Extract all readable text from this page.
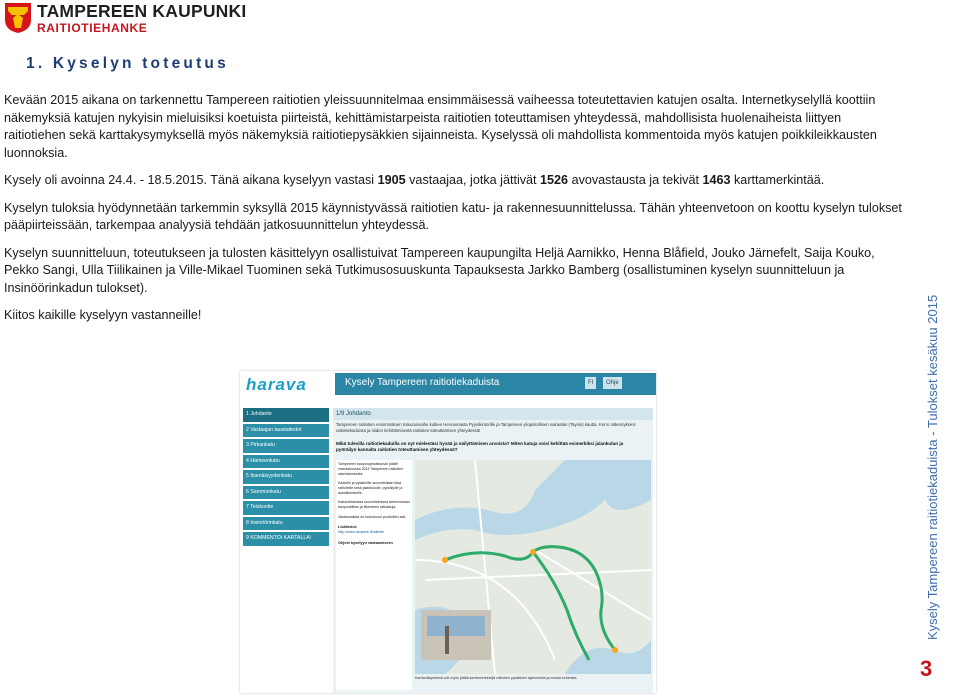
TAMPEREEN KAUPUNKI
RAITIOTIEHANKE
1. Kyselyn toteutus

Kevään 2015 aikana on tarkennettu Tampereen raitiotien yleissuunnitelmaa ensimmäisessä vaiheessa toteutettavien katujen osalta. Internetkyselyllä koottiin näkemyksiä katujen nykyisin mieluisiksi koetuista piirteistä, kehittämistarpeista raitiotien toteuttamisen yhteydessä, mahdollisista huolenaiheista liittyen raitiotiehen sekä karttakysymyksellä myös näkemyksiä raitiotiepysäkkien sijainneista. Kyselyssä oli mahdollista kommentoida myös katujen poikkileikkausten luonnoksia.

Kysely oli avoinna 24.4. - 18.5.2015. Tänä aikana kyselyyn vastasi 1905 vastaajaa, jotka jättivät 1526 avovastausta ja tekivät 1463 karttamerkintää.

Kyselyn tuloksia hyödynnetään tarkemmin syksyllä 2015 käynnistyvässä raitiotien katu- ja rakennesuunnittelussa. Tähän yhteenvetoon on koottu kyselyn tulokset pääpiirteissään, tarkempaa analyysiä tehdään jatkosuunnittelun yhteydessä.

Kyselyn suunnitteluun, toteutukseen ja tulosten käsittelyyn osallistuivat Tampereen kaupungilta Heljä Aarnikko, Henna Blåfield, Jouko Järnefelt, Saija Kouko, Pekko Sangi, Ulla Tiilikainen ja Ville-Mikael Tuominen sekä Tutkimusosuuskunta Tapauksesta Jarkko Bamberg (osallistuminen kyselyn suunnitteluun ja Insinöörinkadun tulokset).

Kiitos kaikille kyselyyn vastanneille!

harava	Kysely Tampereen raitiotiekaduista	FI	Ohje
1 Johdanto
2 Vastaajan taustatiedot
3 Pirkankatu
4 Hämeenkatu
5 Itsenäisyydenkatu
6 Sammonkatu
7 Teiskontie
8 Insinöörinkatu
9 KOMMENTOI KARTALLA!
1/9 Johdanto
Tampereen raitiotien ensimmäinen toteutusvaihe kulkee Hervannasta Pyynikintorille ja Tampereen yliopistollisen sairaalan (Taysin) kautta. Kerro näkemyksesi raitiotiekaduista ja niiden kehittämisestä raitiotien toteuttamisen yhteydessä!
Mikä tulevilla raitiotiekaduilla on nyt mielestäsi hyvää ja säilyttämisen arvoista? Miten katuja voisi kehittää esimerkiksi jalankulun ja pyöräilyn kannalta raitiotien toteuttamisen yhteydessä?
Tampereen kaupunginvaltuusto päätti marraskuussa 2014 Tampereen raitiotien rakentamisesta.

Kaduille ja pysäkeille suunnitellaan tilaa raitiotielle sekä jalankululle, pyöräilylle ja autoliikenteelle.

Katukohtaisissa suunnitelmissa tarkennetaan kaupunkitilan ja liikenteen ratkaisuja.

Vastausaikaa on toukokuun puoliväliin asti.

Lisätiedot:
http://www.tampere.fi/raitiotie

Ohjeet kyselyyn vastaamiseen
Karttanäkymässä voit myös jättää karttamerkintöjä raitiotien pysäkkien sijainneista ja muista kohteista.
Kysely Tampereen raitiotiekaduista - Tulokset kesäkuu 2015
3
